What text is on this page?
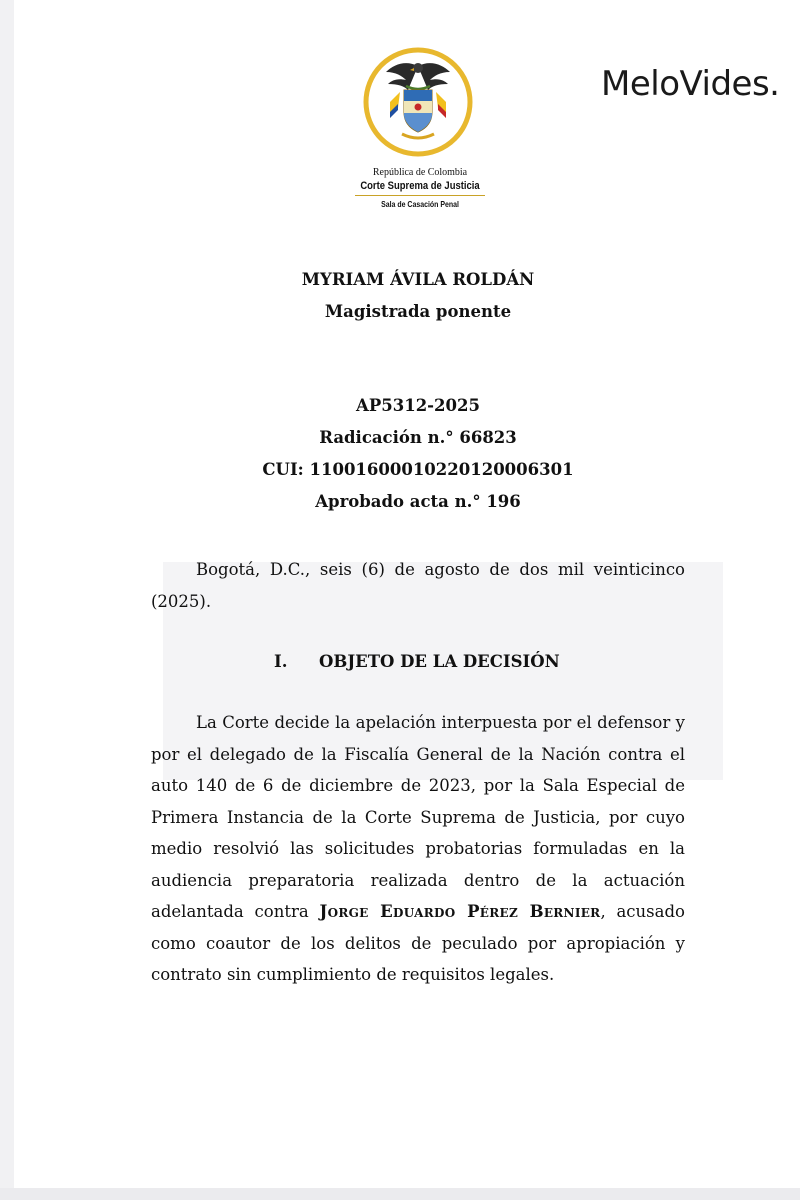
República de Colombia
Corte Suprema de Justicia
Sala de Casación Penal
MeloVides.
MYRIAM ÁVILA ROLDÁN
Magistrada ponente
AP5312-2025
Radicación n.° 66823
CUI: 11001600010220120006301
Aprobado acta n.° 196

Bogotá, D.C., seis (6) de agosto de dos mil veinticinco (2025).

I. OBJETO DE LA DECISIÓN

La Corte decide la apelación interpuesta por el defensor y por el delegado de la Fiscalía General de la Nación contra el auto 140 de 6 de diciembre de 2023, por la Sala Especial de Primera Instancia de la Corte Suprema de Justicia, por cuyo medio resolvió las solicitudes probatorias formuladas en la audiencia preparatoria realizada dentro de la actuación adelantada contra Jorge Eduardo Pérez Bernier, acusado como coautor de los delitos de peculado por apropiación y contrato sin cumplimiento de requisitos legales.
